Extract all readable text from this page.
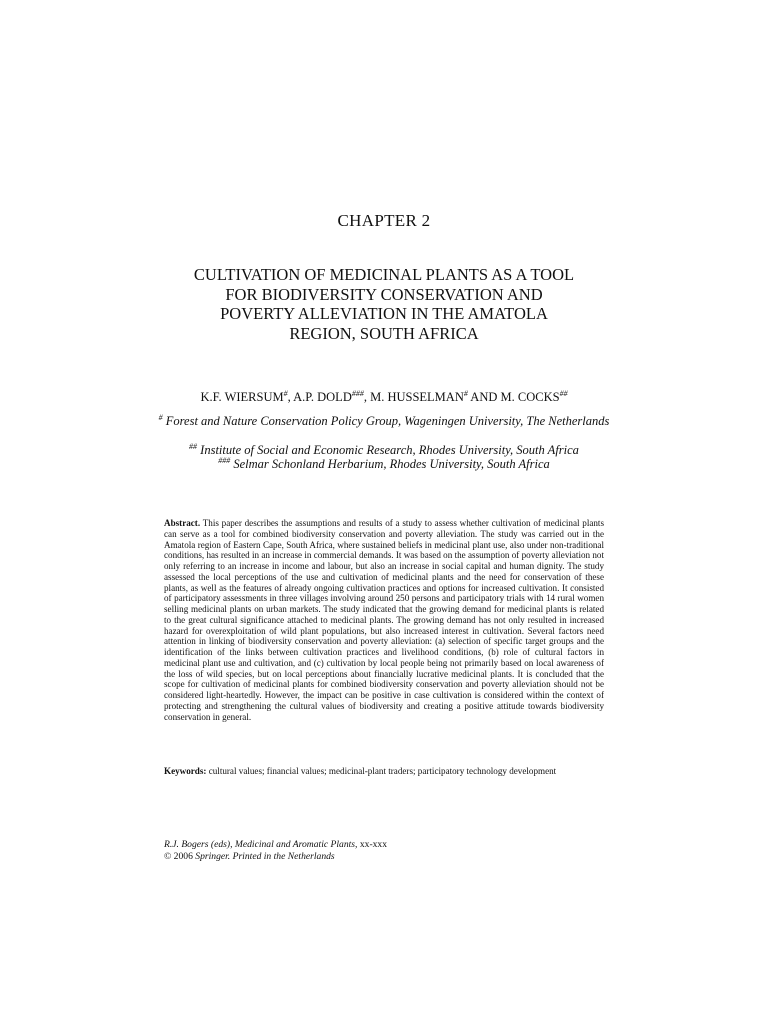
CHAPTER 2
CULTIVATION OF MEDICINAL PLANTS AS A TOOL
FOR BIODIVERSITY CONSERVATION AND
POVERTY ALLEVIATION IN THE AMATOLA
REGION, SOUTH AFRICA
K.F. WIERSUM#, A.P. DOLD###, M. HUSSELMAN# AND M. COCKS##
# Forest and Nature Conservation Policy Group, Wageningen University, The Netherlands
## Institute of Social and Economic Research, Rhodes University, South Africa
### Selmar Schonland Herbarium, Rhodes University, South Africa
Abstract. This paper describes the assumptions and results of a study to assess whether cultivation of medicinal plants can serve as a tool for combined biodiversity conservation and poverty alleviation. The study was carried out in the Amatola region of Eastern Cape, South Africa, where sustained beliefs in medicinal plant use, also under non-traditional conditions, has resulted in an increase in commercial demands. It was based on the assumption of poverty alleviation not only referring to an increase in income and labour, but also an increase in social capital and human dignity. The study assessed the local perceptions of the use and cultivation of medicinal plants and the need for conservation of these plants, as well as the features of already ongoing cultivation practices and options for increased cultivation. It consisted of participatory assessments in three villages involving around 250 persons and participatory trials with 14 rural women selling medicinal plants on urban markets. The study indicated that the growing demand for medicinal plants is related to the great cultural significance attached to medicinal plants. The growing demand has not only resulted in increased hazard for overexploitation of wild plant populations, but also increased interest in cultivation. Several factors need attention in linking of biodiversity conservation and poverty alleviation: (a) selection of specific target groups and the identification of the links between cultivation practices and livelihood conditions, (b) role of cultural factors in medicinal plant use and cultivation, and (c) cultivation by local people being not primarily based on local awareness of the loss of wild species, but on local perceptions about financially lucrative medicinal plants. It is concluded that the scope for cultivation of medicinal plants for combined biodiversity conservation and poverty alleviation should not be considered light-heartedly. However, the impact can be positive in case cultivation is considered within the context of protecting and strengthening the cultural values of biodiversity and creating a positive attitude towards biodiversity conservation in general.
Keywords: cultural values; financial values; medicinal-plant traders; participatory technology development
R.J. Bogers (eds), Medicinal and Aromatic Plants, xx-xxx
© 2006 Springer. Printed in the Netherlands
